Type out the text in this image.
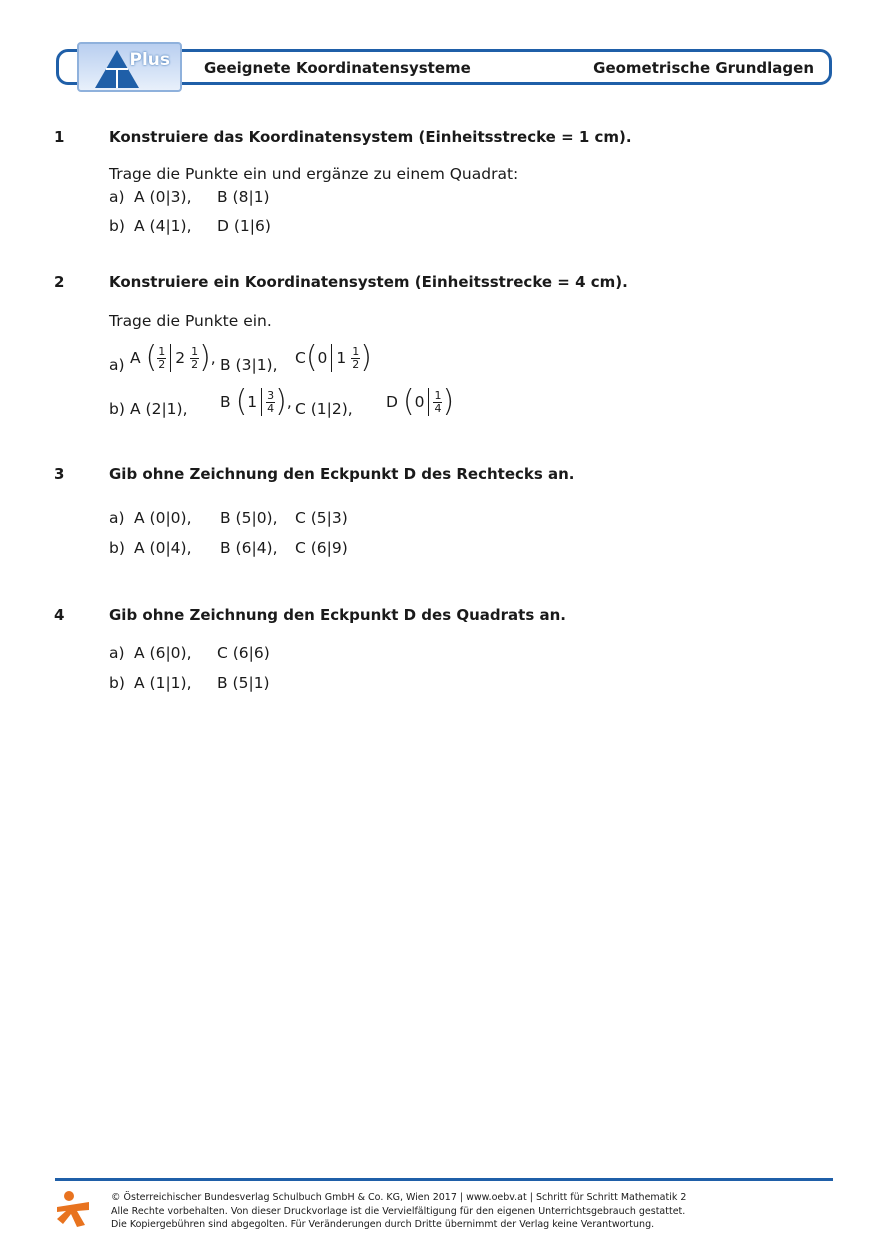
Plus Geeignete Koordinatensysteme	Geometrische Grundlagen
1	Konstruiere das Koordinatensystem (Einheitsstrecke = 1 cm).
Trage die Punkte ein und ergänze zu einem Quadrat:
a) A (0|3), B (8|1)
b) A (4|1), D (1|6)
2	Konstruiere ein Koordinatensystem (Einheitsstrecke = 4 cm).
Trage die Punkte ein.
a) A ( $\frac{1}{2} 2 \frac{1}{2}$ ), B (3|1), C(0 $1 \frac{1}{2}$ )
b) A (2|1), B ($1 \frac{3}{4}$ ), C (1|2), D ($0 \frac{1}{4}$ )
3	Gib ohne Zeichnung den Eckpunkt D des Rechtecks an.
a) A (0|0), B (5|0), C (5|3)
b) A (0|4), B (6|4), C (6|9)
4	Gib ohne Zeichnung den Eckpunkt D des Quadrats an.
a) A (6|0), C (6|6)
b) A (1|1), B (5|1)
© Österreichischer Bundesverlag Schulbuch GmbH & Co. KG, Wien 2017 | www.oebv.at | Schritt für Schritt Mathematik 2
Alle Rechte vorbehalten. Von dieser Druckvorlage ist die Vervielfältigung für den eigenen Unterrichtsgebrauch gestattet.
Die Kopiergebühren sind abgegolten. Für Veränderungen durch Dritte übernimmt der Verlag keine Verantwortung.
